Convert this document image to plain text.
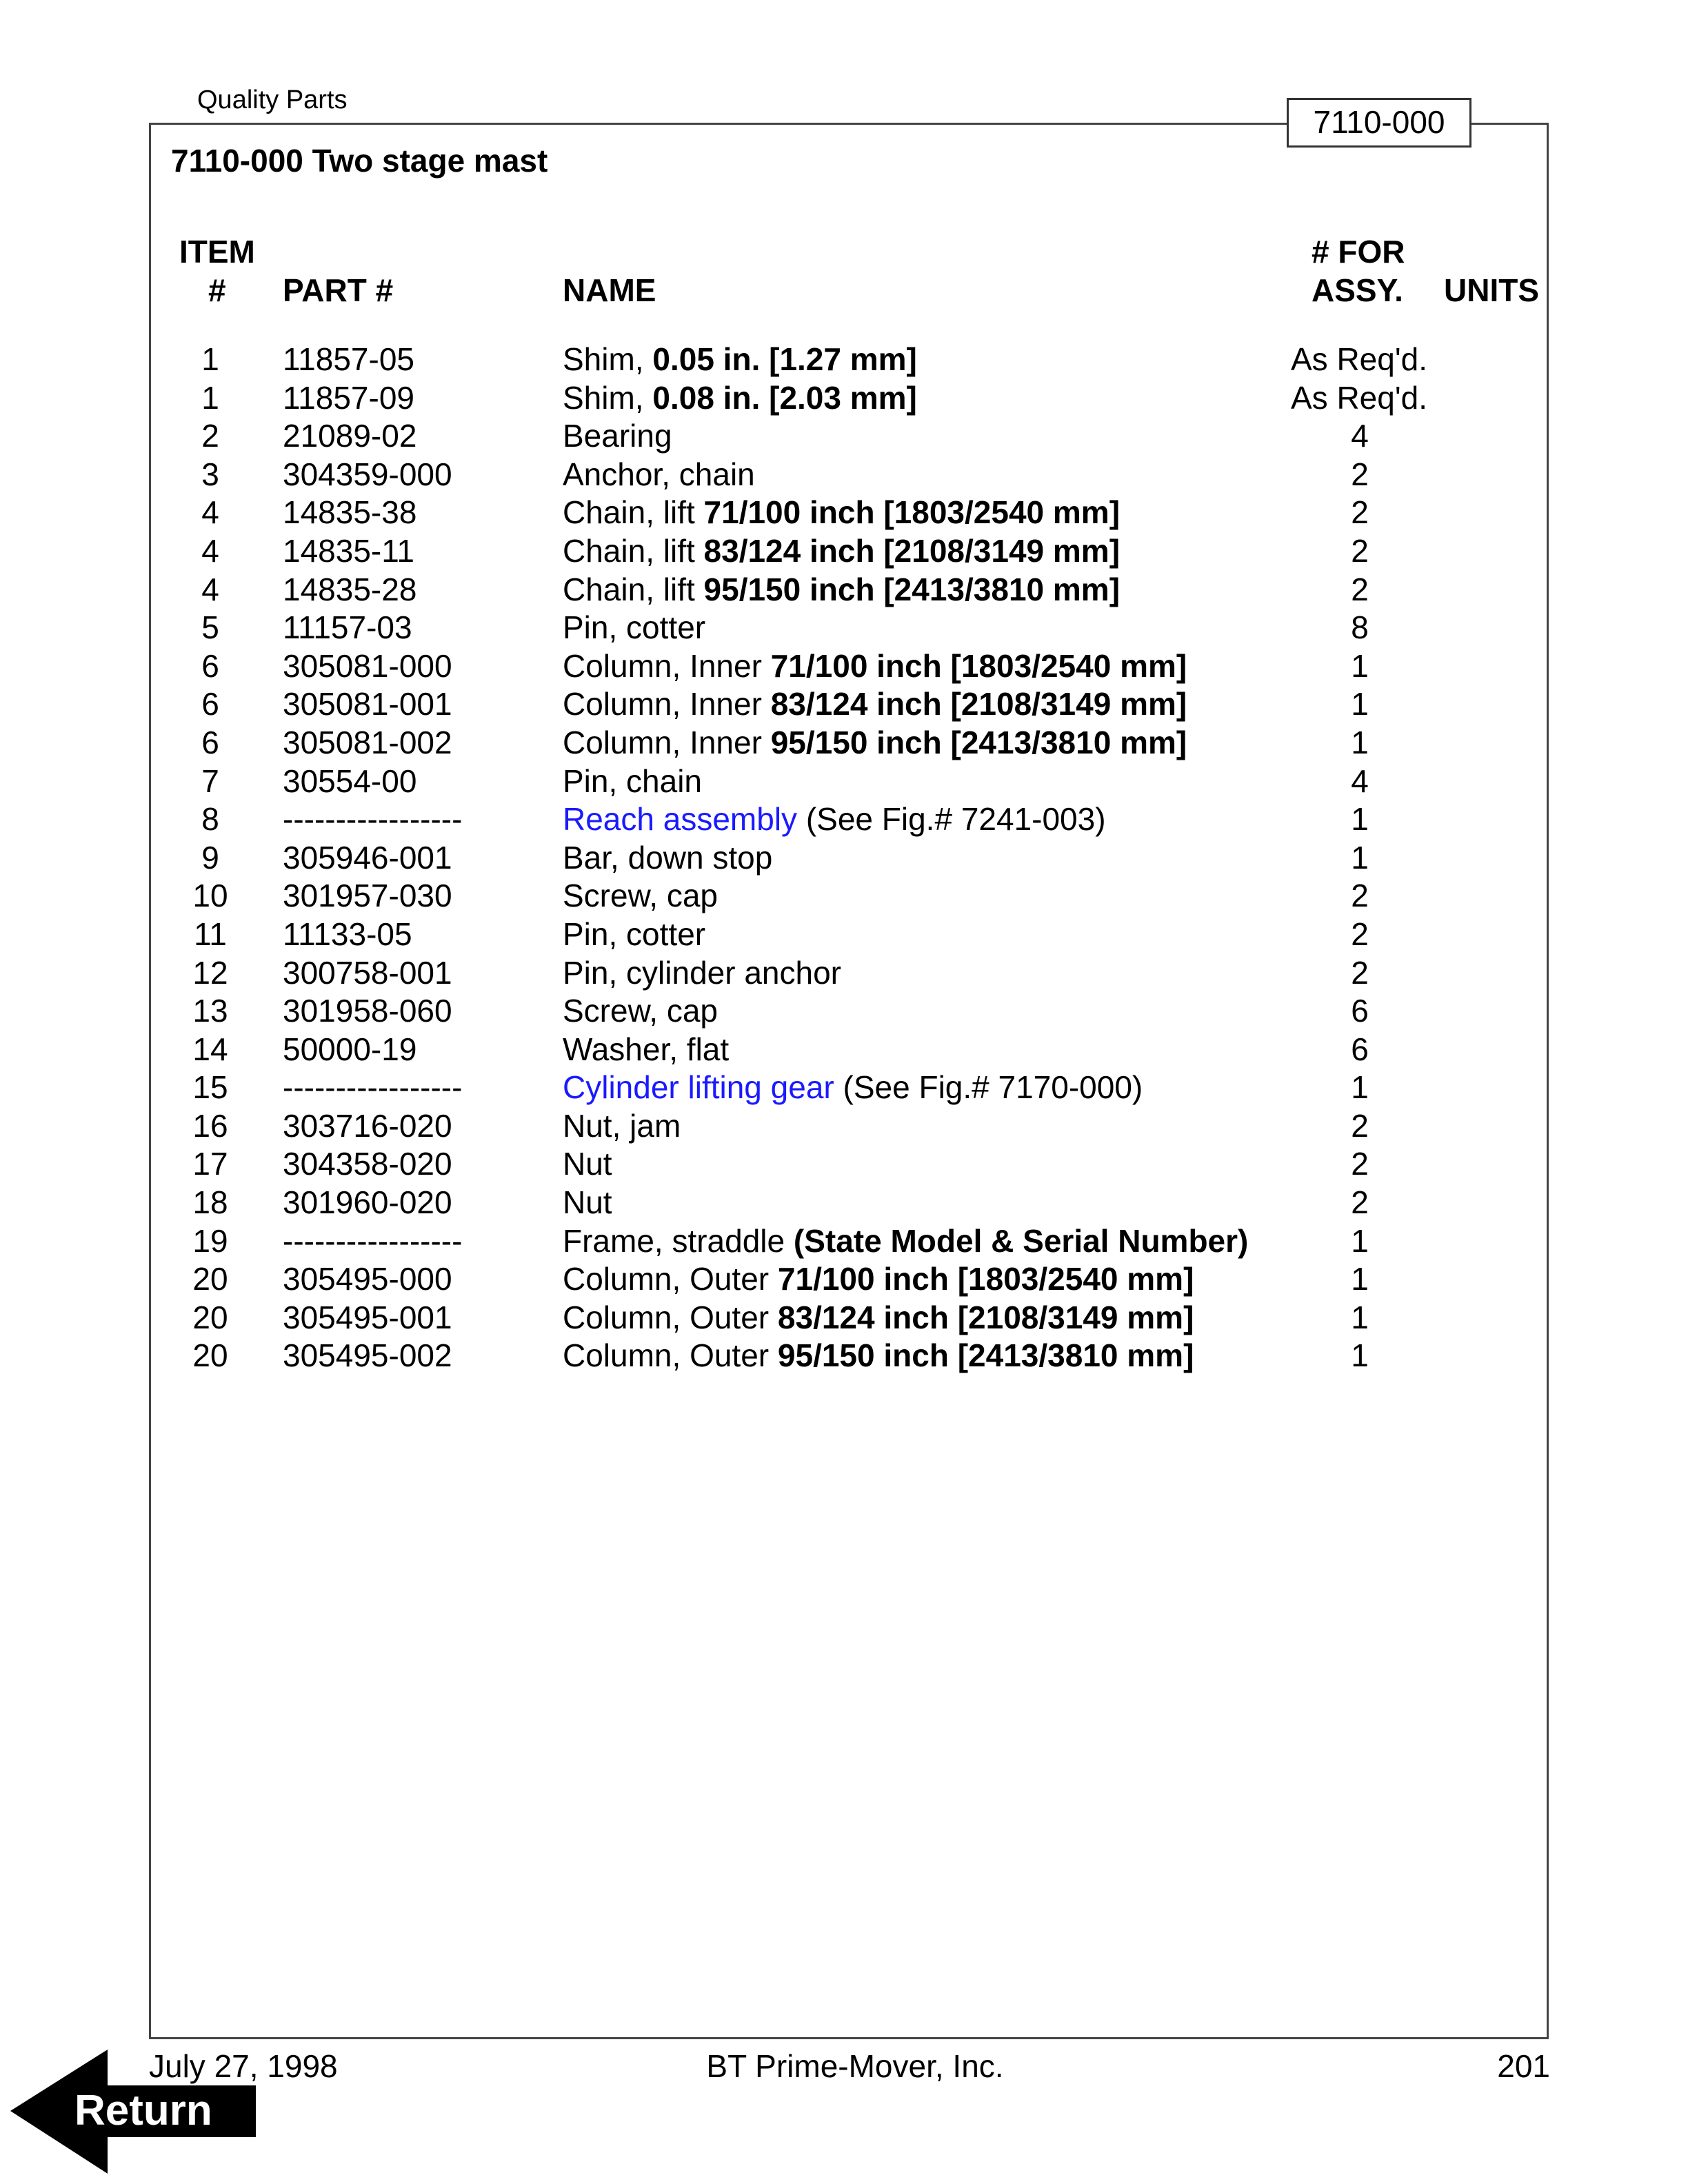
Quality Parts
7110-000
7110-000 Two stage mast
ITEM
# PART #	NAME
# FOR
ASSY. UNITS
1	11857-05	Shim, 0.05 in. [1.27 mm]	As Req'd.
1	11857-09	Shim, 0.08 in. [2.03 mm]	As Req'd.
2	21089-02	Bearing	4
3	304359-000	Anchor, chain	2
4	14835-38	Chain, lift 71/100 inch [1803/2540 mm]	2
4	14835-11	Chain, lift 83/124 inch [2108/3149 mm]	2
4	14835-28	Chain, lift 95/150 inch [2413/3810 mm]	2
5	11157-03	Pin, cotter	8
6	305081-000	Column, Inner 71/100 inch [1803/2540 mm]	1
6	305081-001	Column, Inner 83/124 inch [2108/3149 mm]	1
6	305081-002	Column, Inner 95/150 inch [2413/3810 mm]	1
7	30554-00	Pin, chain	4
8	-----------------	Reach assembly (See Fig.# 7241-003)	1
9	305946-001	Bar, down stop	1
10 301957-030	Screw, cap	2
11 11133-05	Pin, cotter	2
12 300758-001	Pin, cylinder anchor	2
13 301958-060	Screw, cap	6
14 50000-19	Washer, flat	6
15 -----------------	Cylinder lifting gear (See Fig.# 7170-000)	1
16 303716-020	Nut, jam	2
17 304358-020	Nut	2
18 301960-020	Nut	2
19 -----------------	Frame, straddle (State Model & Serial Number)	1
20 305495-000	Column, Outer 71/100 inch [1803/2540 mm]	1
20 305495-001	Column, Outer 83/124 inch [2108/3149 mm]	1
20 305495-002	Column, Outer 95/150 inch [2413/3810 mm]	1
BT Prime-Mover, Inc.
July 27, 1998	201
Return
